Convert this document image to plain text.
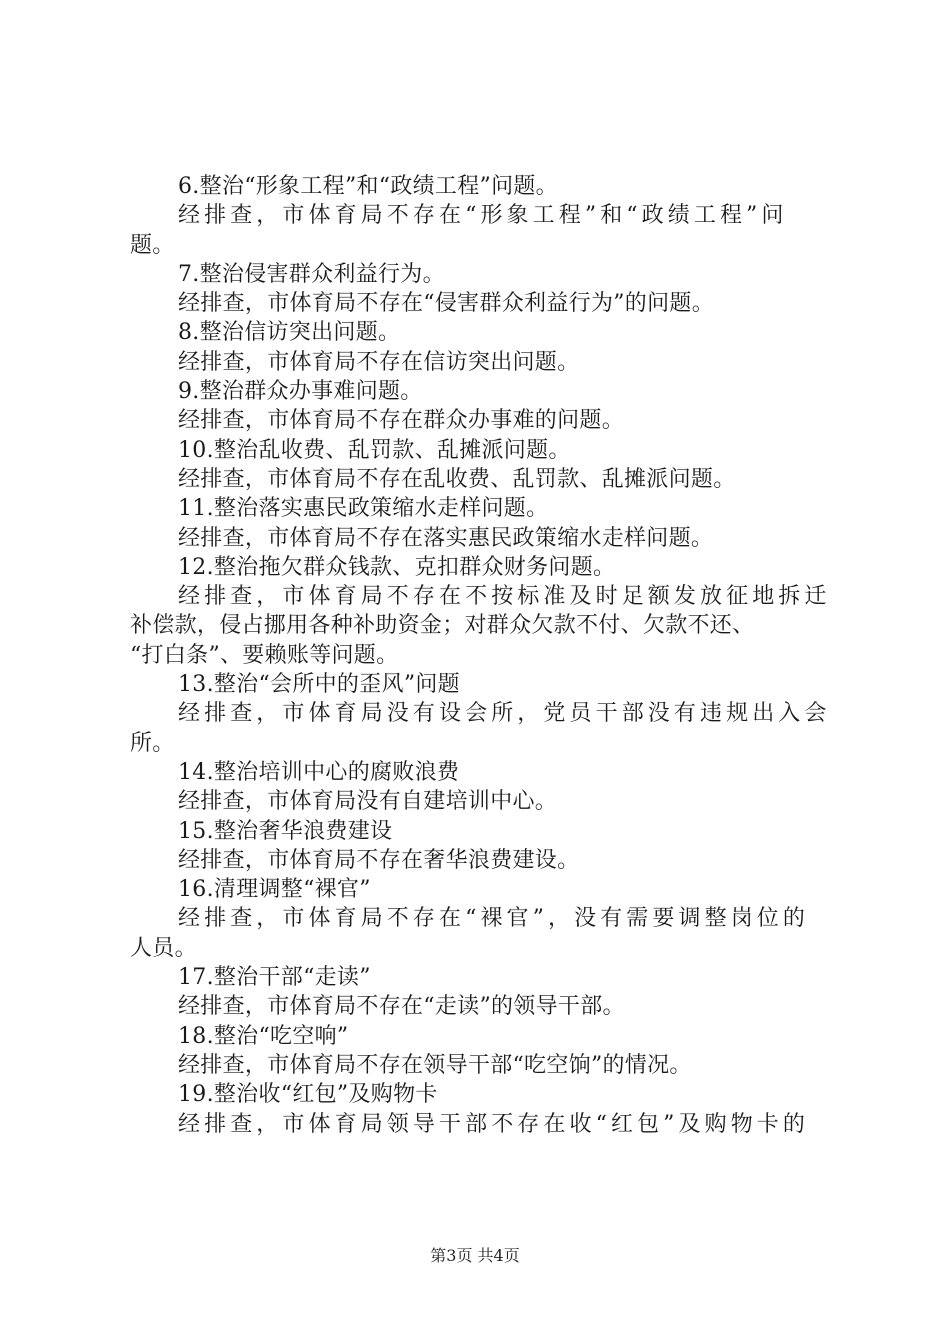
6.整治“形象工程”和“政绩工程”问题。
经排查，市体育局不存在“形象工程”和“政绩工程”问
题。
7.整治侵害群众利益行为。
经排查，市体育局不存在“侵害群众利益行为”的问题。
8.整治信访突出问题。
经排查，市体育局不存在信访突出问题。
9.整治群众办事难问题。
经排查，市体育局不存在群众办事难的问题。
10.整治乱收费、乱罚款、乱摊派问题。
经排查，市体育局不存在乱收费、乱罚款、乱摊派问题。
11.整治落实惠民政策缩水走样问题。
经排查，市体育局不存在落实惠民政策缩水走样问题。
12.整治拖欠群众钱款、克扣群众财务问题。
经排查，市体育局不存在不按标准及时足额发放征地拆迁
补偿款，侵占挪用各种补助资金；对群众欠款不付、欠款不还、
“打白条”、要赖账等问题。
13.整治“会所中的歪风”问题
经排查，市体育局没有设会所，党员干部没有违规出入会
所。
14.整治培训中心的腐败浪费
经排查，市体育局没有自建培训中心。
15.整治奢华浪费建设
经排查，市体育局不存在奢华浪费建设。
16.清理调整“裸官”
经排查，市体育局不存在“裸官”，没有需要调整岗位的
人员。
17.整治干部“走读”
经排查，市体育局不存在“走读”的领导干部。
18.整治“吃空响”
经排查，市体育局不存在领导干部“吃空饷”的情况。
19.整治收“红包”及购物卡
经排查，市体育局领导干部不存在收“红包”及购物卡的
第3页 共4页
